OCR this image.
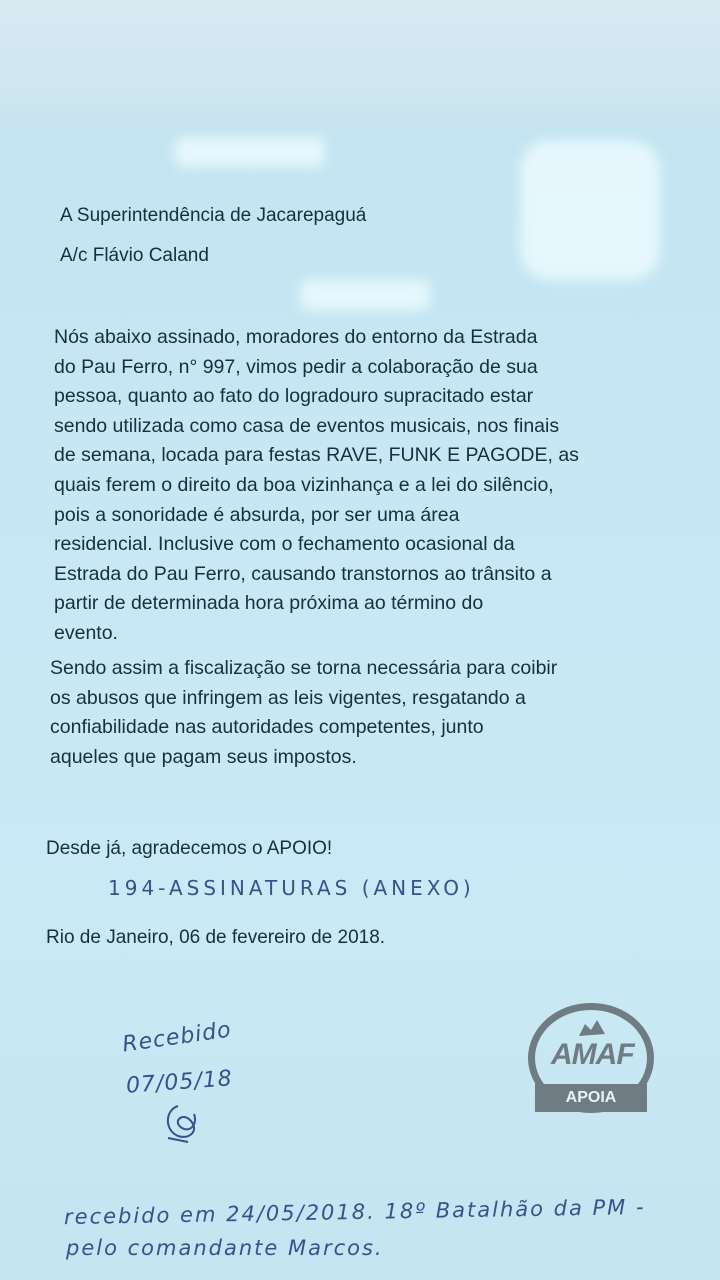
A Superintendência de Jacarepaguá
A/c Flávio Caland
Nós abaixo assinado, moradores do entorno da Estrada
do Pau Ferro, n° 997, vimos pedir a colaboração de sua
pessoa, quanto ao fato do logradouro supracitado estar
sendo utilizada como casa de eventos musicais, nos finais
de semana, locada para festas RAVE, FUNK E PAGODE, as
quais ferem o direito da boa vizinhança e a lei do silêncio,
pois a sonoridade é absurda, por ser uma área
residencial. Inclusive com o fechamento ocasional da
Estrada do Pau Ferro, causando transtornos ao trânsito a
partir de determinada hora próxima ao término do
evento.
Sendo assim a fiscalização se torna necessária para coibir
os abusos que infringem as leis vigentes, resgatando a
confiabilidade nas autoridades competentes, junto
aqueles que pagam seus impostos.
Desde já, agradecemos o APOIO!
194-ASSINATURAS (ANEXO)
Rio de Janeiro, 06 de fevereiro de 2018.
Recebido
07/05/18
AMAF
APOIA
recebido em 24/05/2018. 18º Batalhão da PM -
pelo comandante Marcos.
